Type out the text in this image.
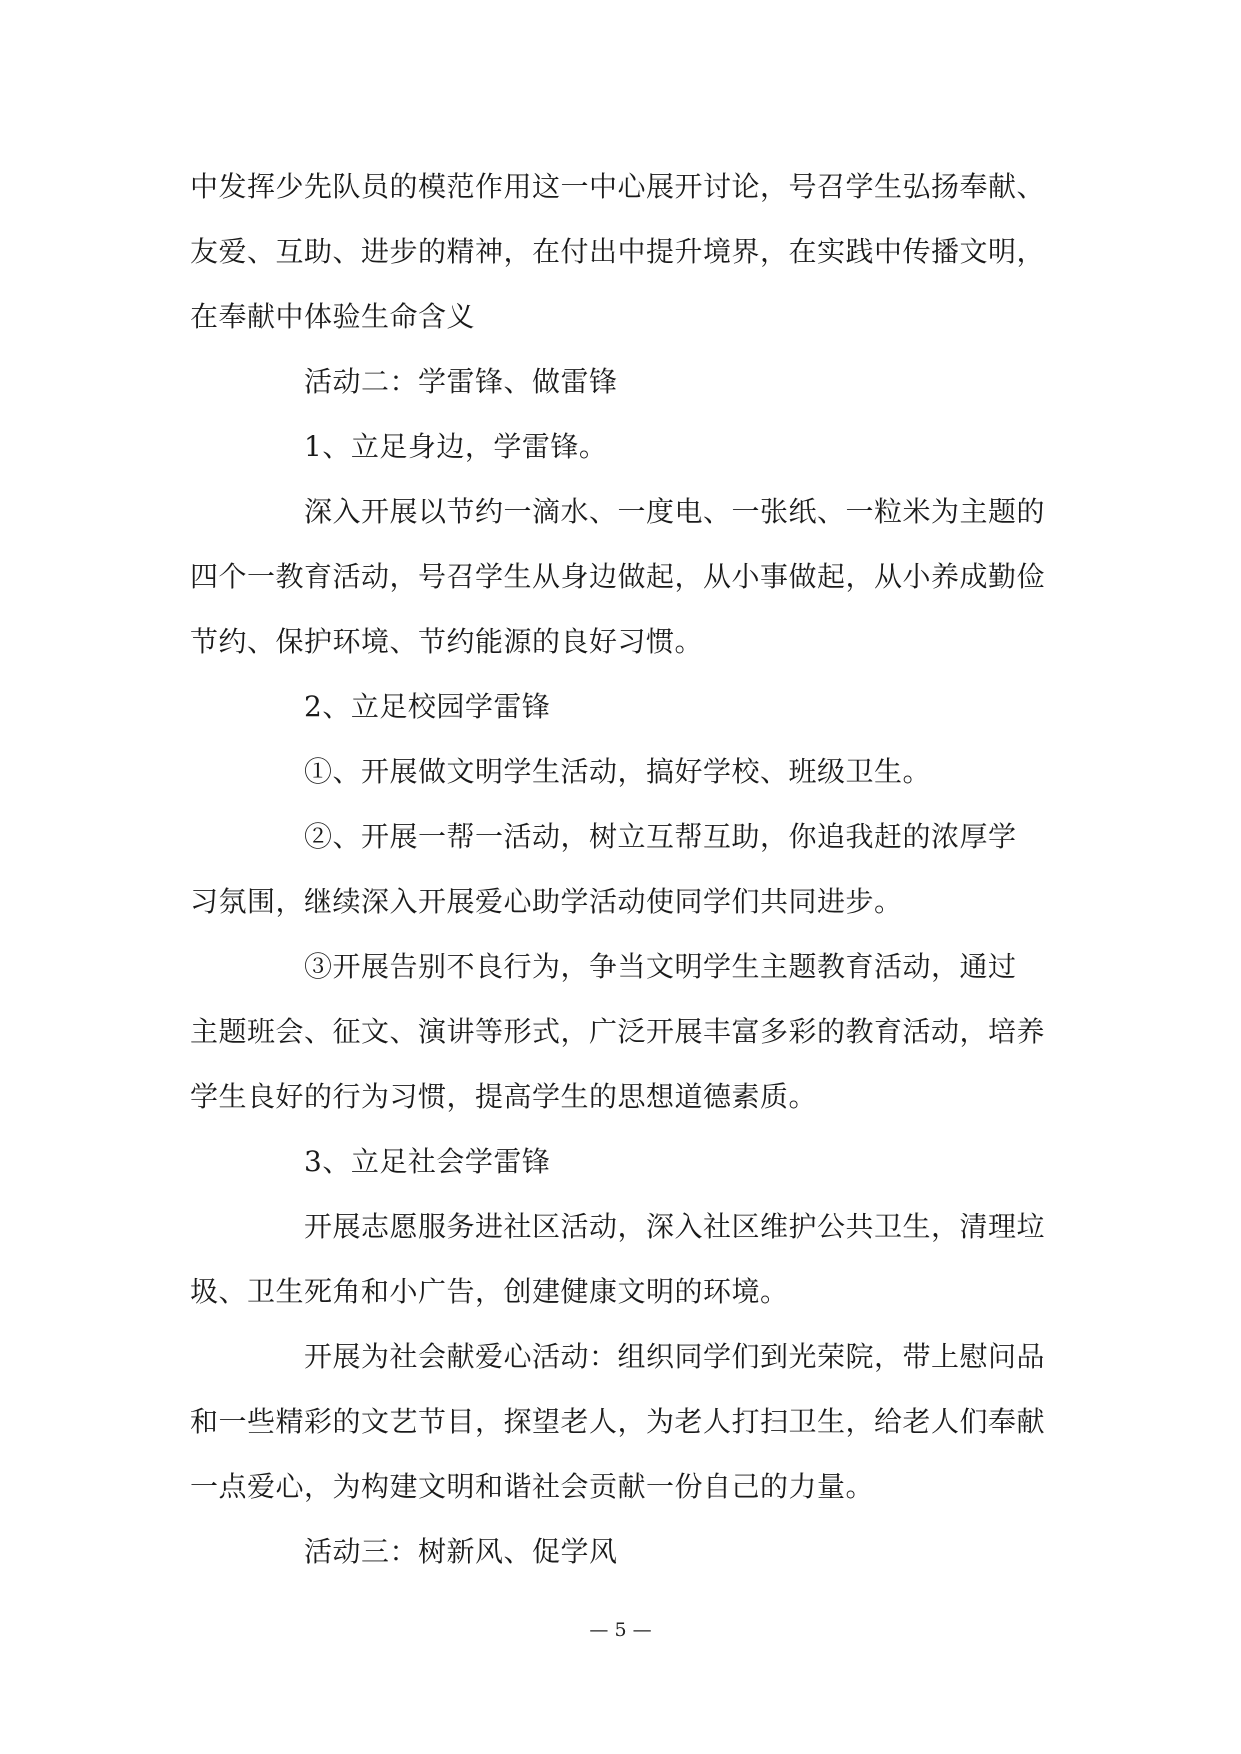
中发挥少先队员的模范作用这一中心展开讨论，号召学生弘扬奉献、
友爱、互助、进步的精神，在付出中提升境界，在实践中传播文明，
在奉献中体验生命含义
活动二：学雷锋、做雷锋
1、立足身边，学雷锋。
深入开展以节约一滴水、一度电、一张纸、一粒米为主题的
四个一教育活动，号召学生从身边做起，从小事做起，从小养成勤俭
节约、保护环境、节约能源的良好习惯。
2、立足校园学雷锋
①、开展做文明学生活动，搞好学校、班级卫生。
②、开展一帮一活动，树立互帮互助，你追我赶的浓厚学
习氛围，继续深入开展爱心助学活动使同学们共同进步。
③开展告别不良行为，争当文明学生主题教育活动，通过
主题班会、征文、演讲等形式，广泛开展丰富多彩的教育活动，培养
学生良好的行为习惯，提高学生的思想道德素质。
3、立足社会学雷锋
开展志愿服务进社区活动，深入社区维护公共卫生，清理垃
圾、卫生死角和小广告，创建健康文明的环境。
开展为社会献爱心活动：组织同学们到光荣院，带上慰问品
和一些精彩的文艺节目，探望老人，为老人打扫卫生，给老人们奉献
一点爱心，为构建文明和谐社会贡献一份自己的力量。
活动三：树新风、促学风
— 5 —
